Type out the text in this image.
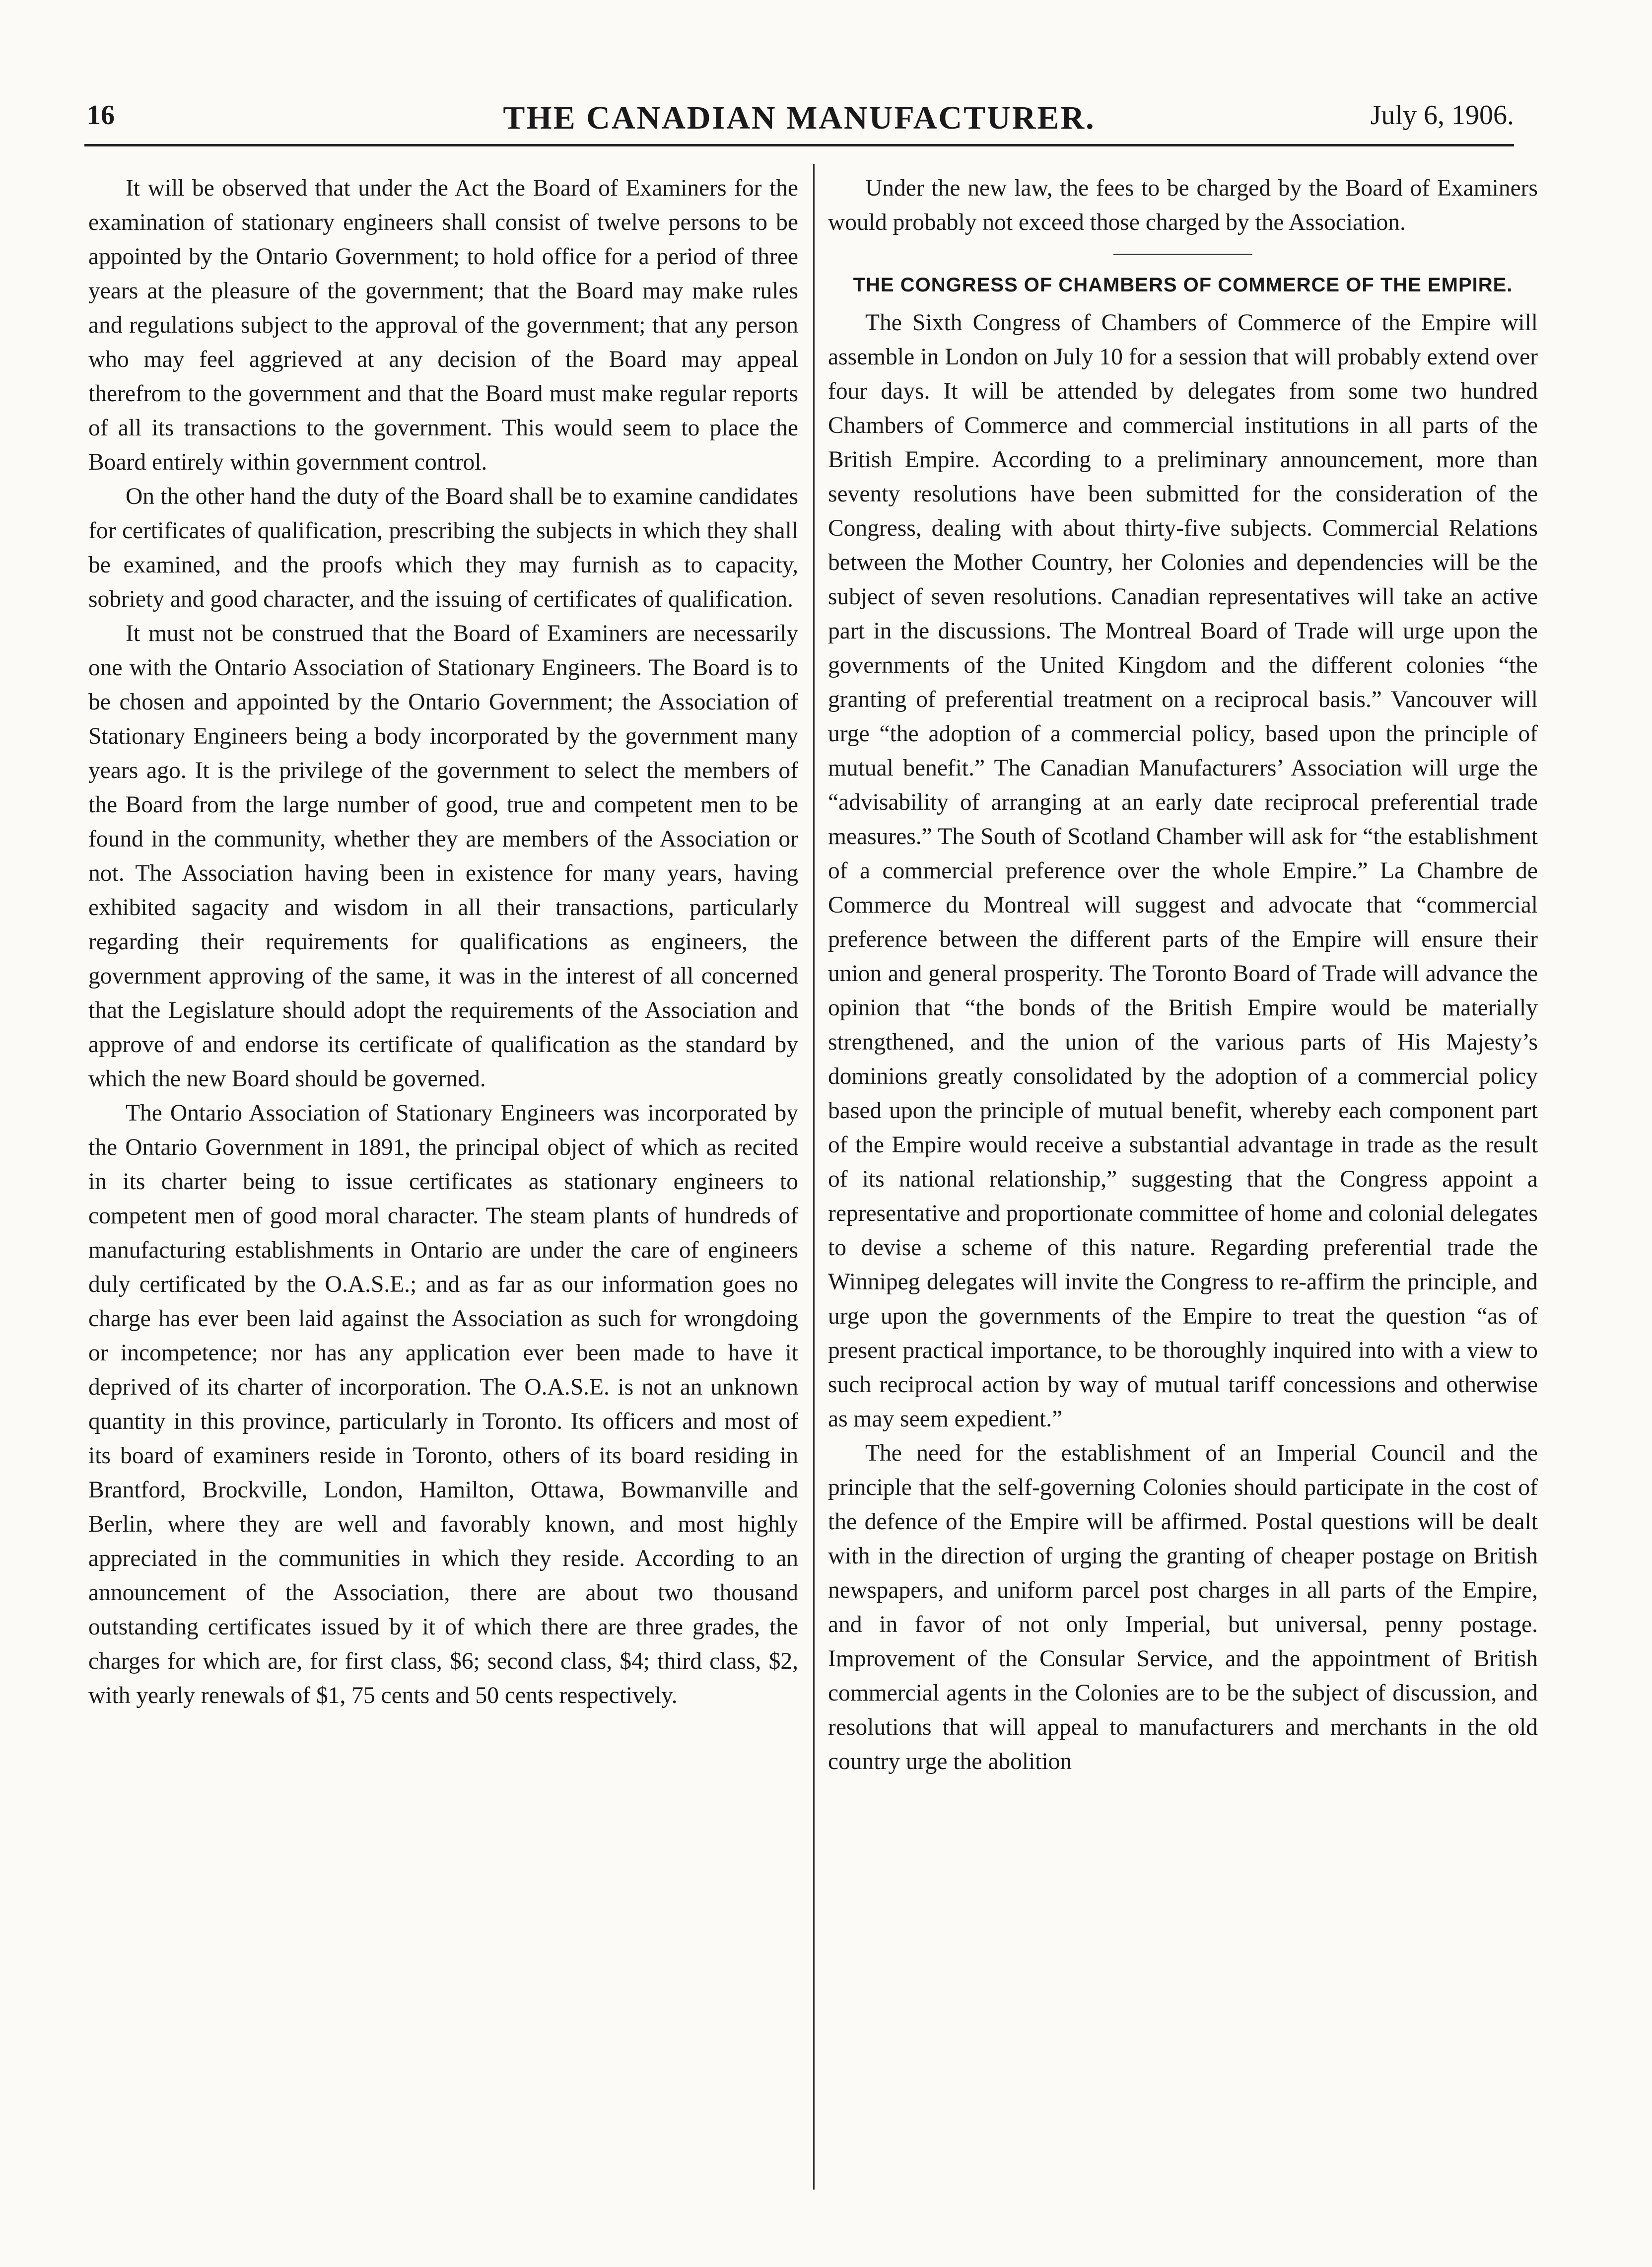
16	THE CANADIAN MANUFACTURER.	July 6, 1906.

It will be observed that under the Act the Board of Examiners for the examination of stationary engineers shall consist of twelve persons to be appointed by the Ontario Government; to hold office for a period of three years at the pleasure of the government; that the Board may make rules and regulations subject to the approval of the government; that any person who may feel aggrieved at any decision of the Board may appeal therefrom to the government and that the Board must make regular reports of all its transactions to the government. This would seem to place the Board entirely within government control.

On the other hand the duty of the Board shall be to examine candidates for certificates of qualification, prescribing the subjects in which they shall be examined, and the proofs which they may furnish as to capacity, sobriety and good character, and the issuing of certificates of qualification.

It must not be construed that the Board of Examiners are necessarily one with the Ontario Association of Stationary Engineers. The Board is to be chosen and appointed by the Ontario Government; the Association of Stationary Engineers being a body incorporated by the government many years ago. It is the privilege of the government to select the members of the Board from the large number of good, true and competent men to be found in the community, whether they are members of the Association or not. The Association having been in existence for many years, having exhibited sagacity and wisdom in all their transactions, particularly regarding their requirements for qualifications as engineers, the government approving of the same, it was in the interest of all concerned that the Legislature should adopt the requirements of the Association and approve of and endorse its certificate of qualification as the standard by which the new Board should be governed.

The Ontario Association of Stationary Engineers was incorporated by the Ontario Government in 1891, the principal object of which as recited in its charter being to issue certificates as stationary engineers to competent men of good moral character. The steam plants of hundreds of manufacturing establishments in Ontario are under the care of engineers duly certificated by the O.A.S.E.; and as far as our information goes no charge has ever been laid against the Association as such for wrongdoing or incompetence; nor has any application ever been made to have it deprived of its charter of incorporation. The O.A.S.E. is not an unknown quantity in this province, particularly in Toronto. Its officers and most of its board of examiners reside in Toronto, others of its board residing in Brantford, Brockville, London, Hamilton, Ottawa, Bowmanville and Berlin, where they are well and favorably known, and most highly appreciated in the communities in which they reside. According to an announcement of the Association, there are about two thousand outstanding certificates issued by it of which there are three grades, the charges for which are, for first class, $6; second class, $4; third class, $2, with yearly renewals of $1, 75 cents and 50 cents respectively.

Under the new law, the fees to be charged by the Board of Examiners would probably not exceed those charged by the Association.

THE CONGRESS OF CHAMBERS OF COMMERCE OF THE EMPIRE.

The Sixth Congress of Chambers of Commerce of the Empire will assemble in London on July 10 for a session that will probably extend over four days. It will be attended by delegates from some two hundred Chambers of Commerce and commercial institutions in all parts of the British Empire. According to a preliminary announcement, more than seventy resolutions have been submitted for the consideration of the Congress, dealing with about thirty-five subjects. Commercial Relations between the Mother Country, her Colonies and dependencies will be the subject of seven resolutions. Canadian representatives will take an active part in the discussions. The Montreal Board of Trade will urge upon the governments of the United Kingdom and the different colonies “the granting of preferential treatment on a reciprocal basis.” Vancouver will urge “the adoption of a commercial policy, based upon the principle of mutual benefit.” The Canadian Manufacturers’ Association will urge the “advisability of arranging at an early date reciprocal preferential trade measures.” The South of Scotland Chamber will ask for “the establishment of a commercial preference over the whole Empire.” La Chambre de Commerce du Montreal will suggest and advocate that “commercial preference between the different parts of the Empire will ensure their union and general prosperity. The Toronto Board of Trade will advance the opinion that “the bonds of the British Empire would be materially strengthened, and the union of the various parts of His Majesty’s dominions greatly consolidated by the adoption of a commercial policy based upon the principle of mutual benefit, whereby each component part of the Empire would receive a substantial advantage in trade as the result of its national relationship,” suggesting that the Congress appoint a representative and proportionate committee of home and colonial delegates to devise a scheme of this nature. Regarding preferential trade the Winnipeg delegates will invite the Congress to re-affirm the principle, and urge upon the governments of the Empire to treat the question “as of present practical importance, to be thoroughly inquired into with a view to such reciprocal action by way of mutual tariff concessions and otherwise as may seem expedient.”

The need for the establishment of an Imperial Council and the principle that the self-governing Colonies should participate in the cost of the defence of the Empire will be affirmed. Postal questions will be dealt with in the direction of urging the granting of cheaper postage on British newspapers, and uniform parcel post charges in all parts of the Empire, and in favor of not only Imperial, but universal, penny postage. Improvement of the Consular Service, and the appointment of British commercial agents in the Colonies are to be the subject of discussion, and resolutions that will appeal to manufacturers and merchants in the old country urge the abolition
